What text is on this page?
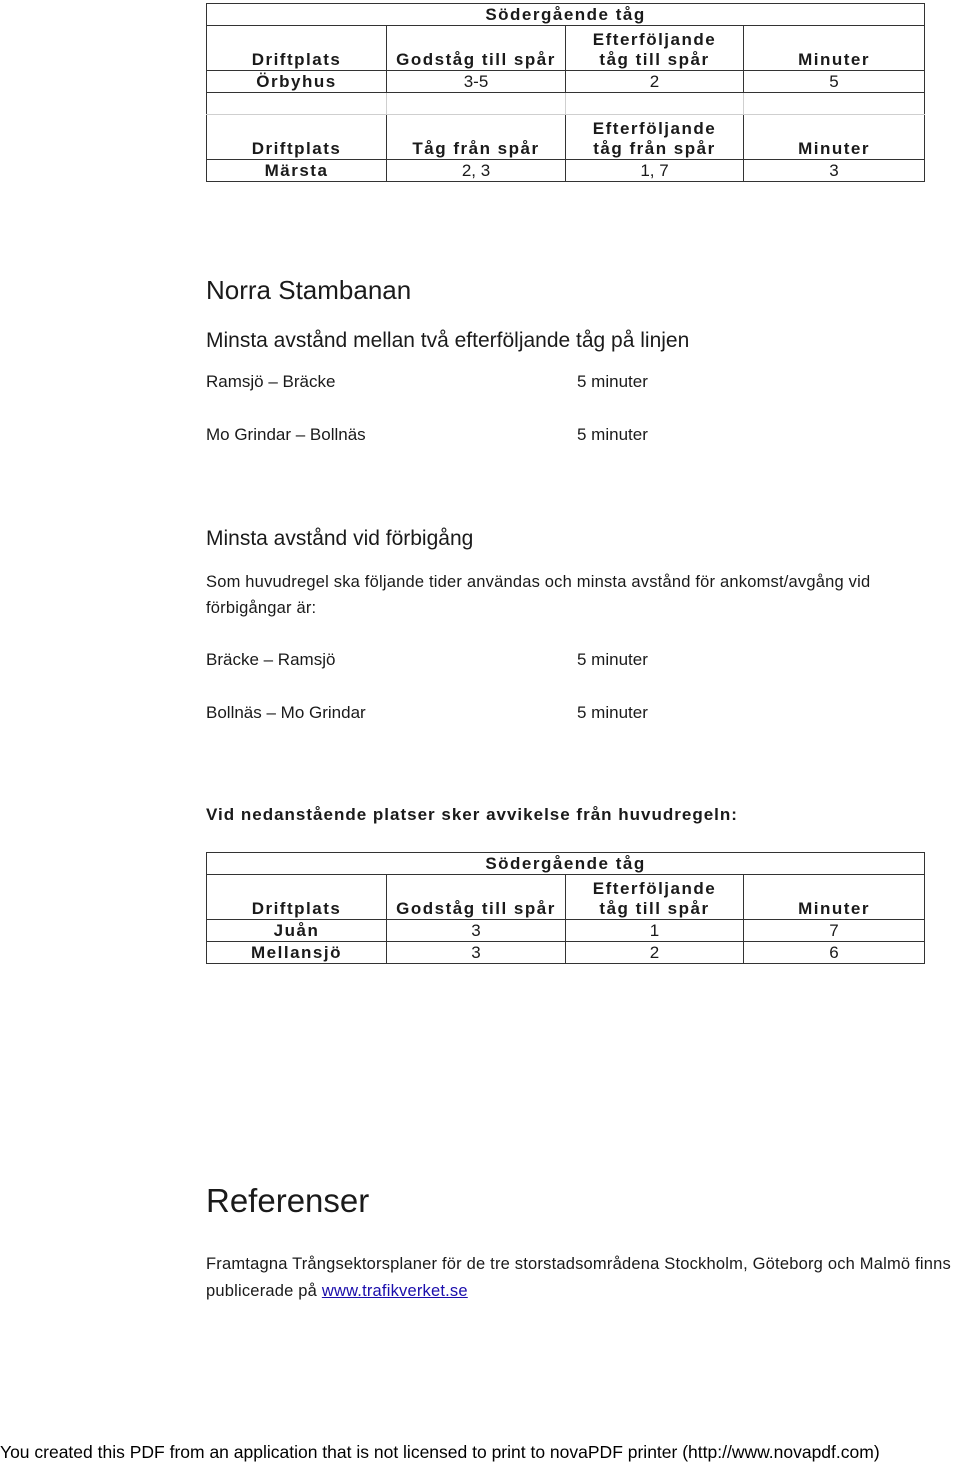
Södergående tåg			
Driftplats	Godståg till spår	Efterföljande
tåg till spår	Minuter
Örbyhus	3-5	2	5

Driftplats	Tåg från spår	Efterföljande
tåg från spår	Minuter
Märsta	2, 3	1, 7	3
Norra Stambanan
Minsta avstånd mellan två efterföljande tåg på linjen
Ramsjö – Bräcke	5 minuter
Mo Grindar – Bollnäs	5 minuter
Minsta avstånd vid förbigång
Som huvudregel ska följande tider användas och minsta avstånd för ankomst/avgång vid förbigångar är:
Bräcke – Ramsjö	5 minuter
Bollnäs – Mo Grindar	5 minuter
Vid nedanstående platser sker avvikelse från huvudregeln:
Södergående tåg			
Driftplats	Godståg till spår	Efterföljande
tåg till spår	Minuter
Juån	3	1	7
Mellansjö	3	2	6
Referenser
Framtagna Trångsektorsplaner för de tre storstadsområdena Stockholm, Göteborg och Malmö finns publicerade på www.trafikverket.se
You created this PDF from an application that is not licensed to print to novaPDF printer (http://www.novapdf.com)
